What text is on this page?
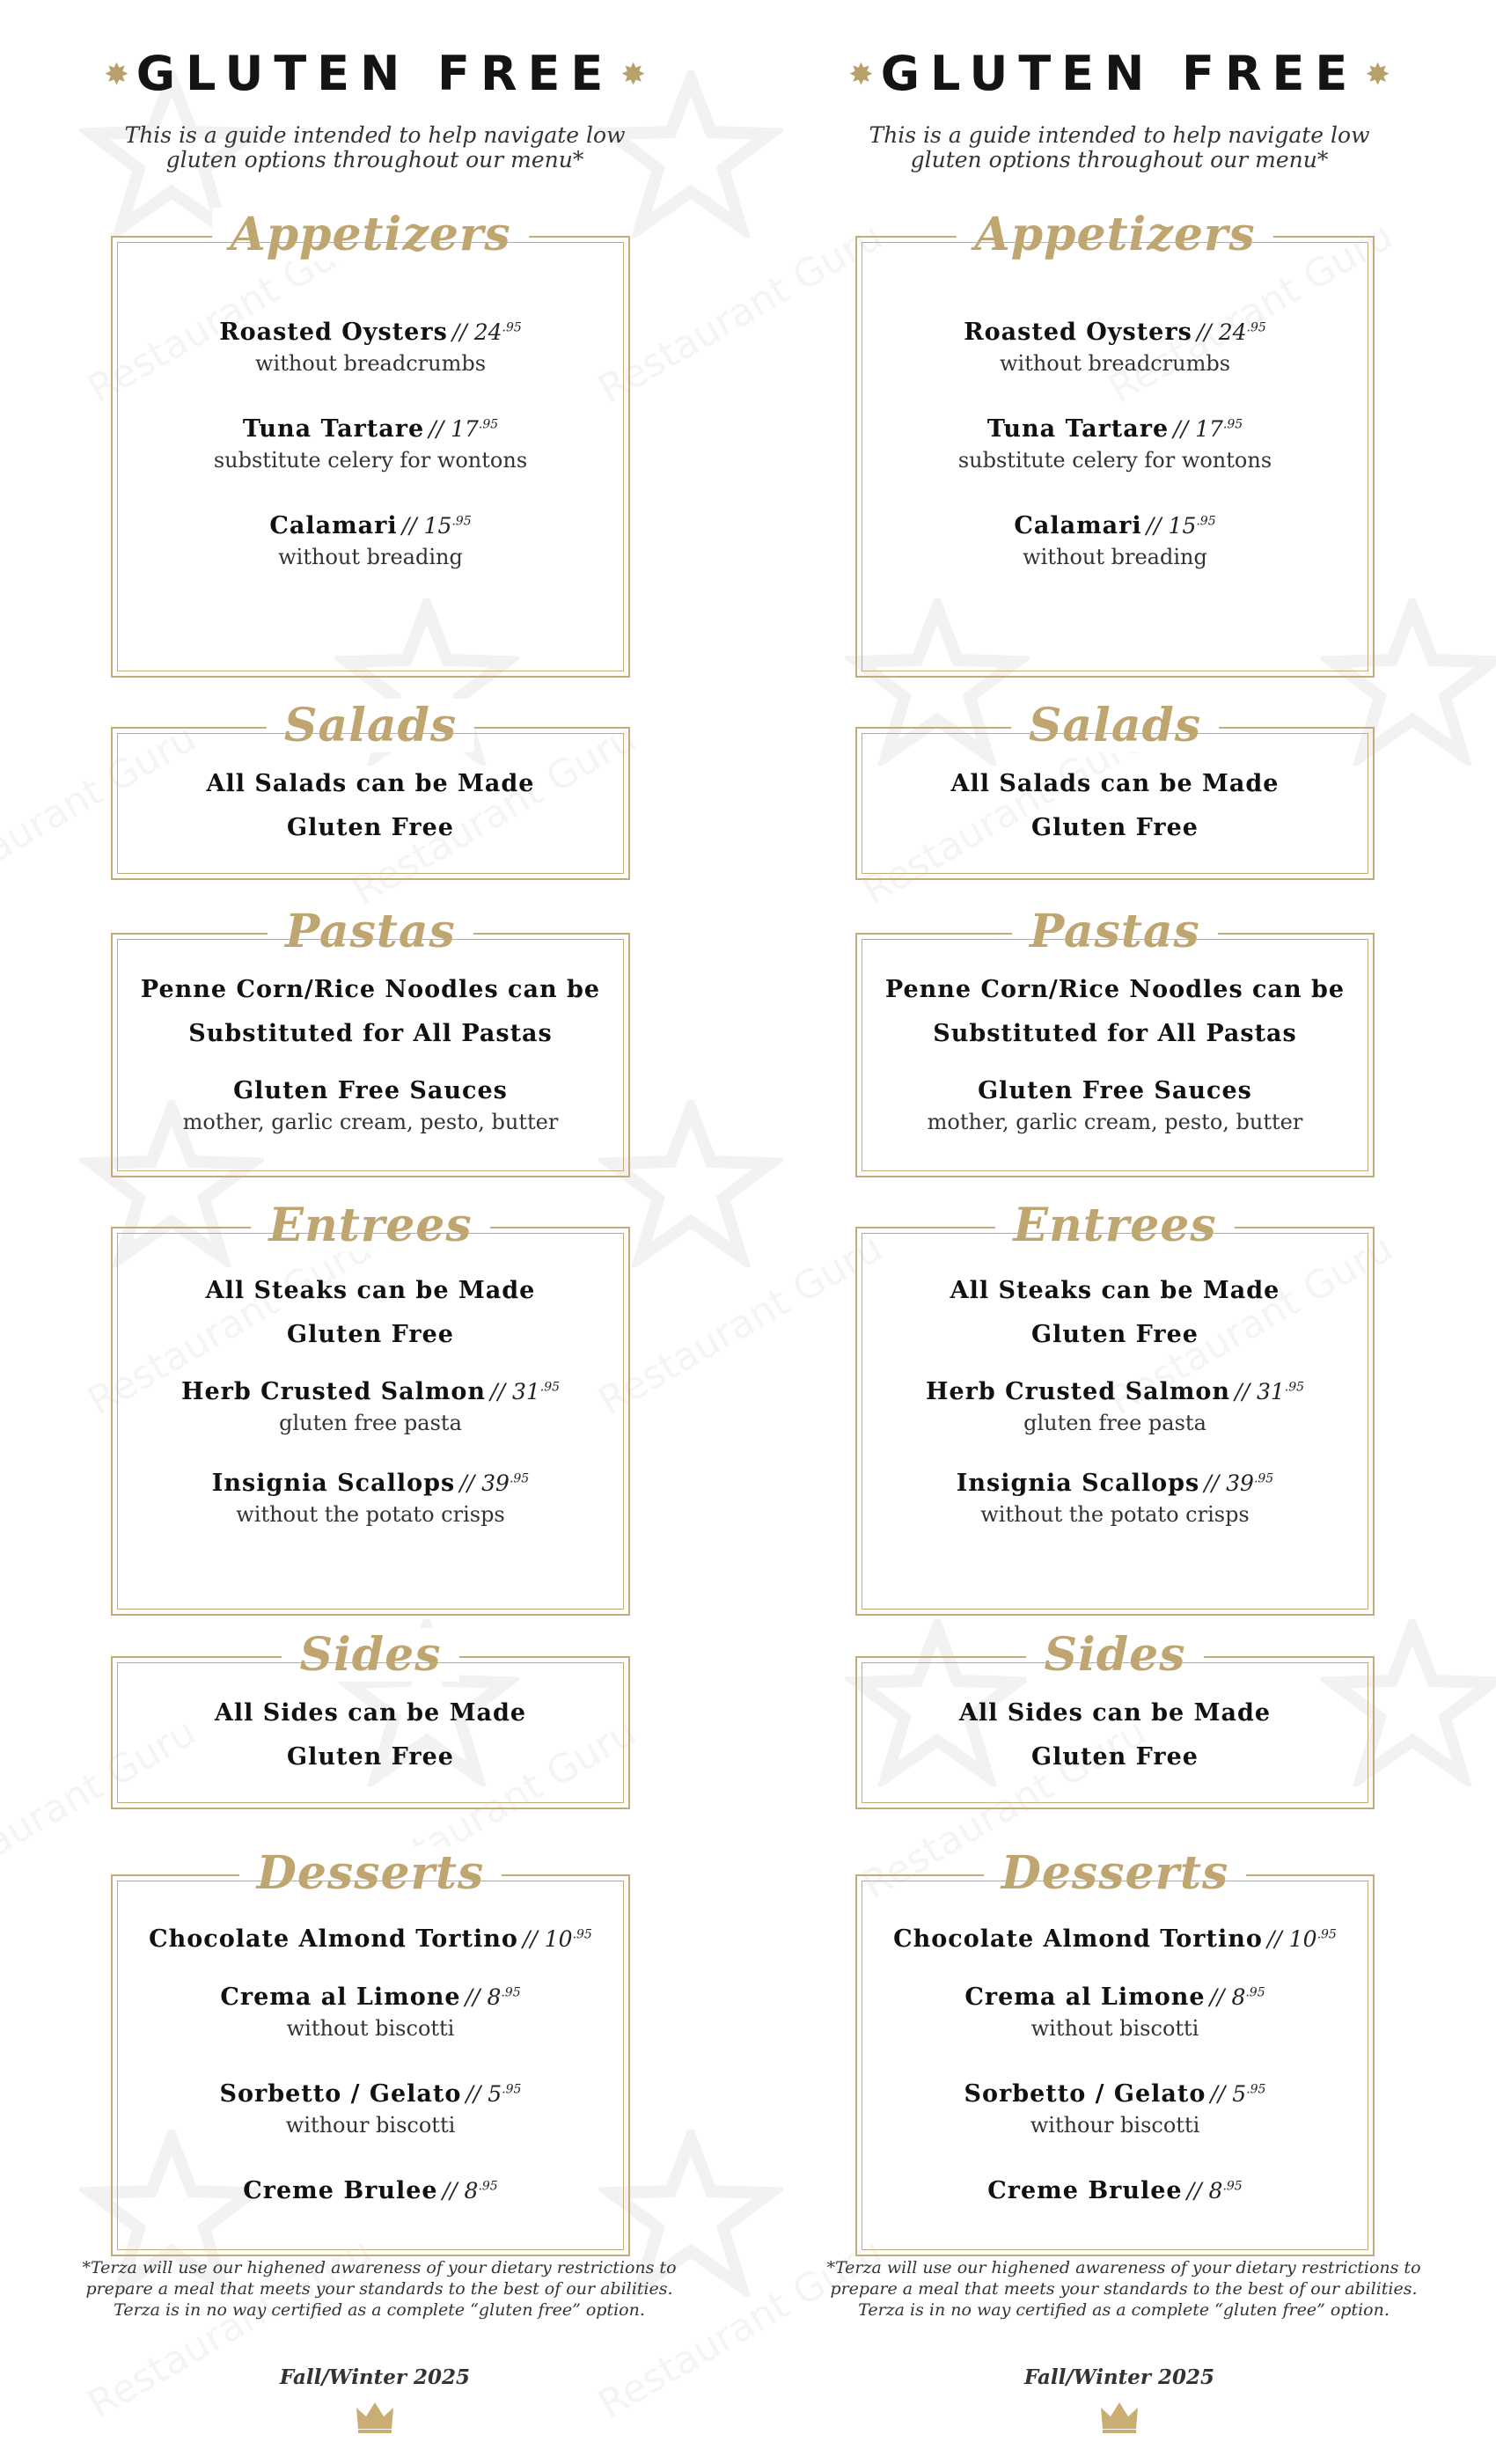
✸ GLUTEN FREE ✸
This is a guide intended to help navigate low gluten options throughout our menu*
Appetizers
Roasted Oysters // $24^{.95}$
without breadcrumbs
Tuna Tartare // $17^{.95}$
substitute celery for wontons
Calamari // $15^{.95}$
without breading
Salads
All Salads can be Made
Gluten Free
Pastas
Penne Corn/Rice Noodles can be
Substituted for All Pastas
Gluten Free Sauces
mother, garlic cream, pesto, butter
Entrees
All Steaks can be Made
Gluten Free
Herb Crusted Salmon // $31^{.95}$
gluten free pasta
Insignia Scallops // $39^{.95}$
without the potato crisps
Sides
All Sides can be Made
Gluten Free
Desserts
Chocolate Almond Tortino // $10^{.95}$
Crema al Limone // $8^{.95}$
without biscotti
Sorbetto / Gelato // $5^{.95}$
withour biscotti
Creme Brulee // $8^{.95}$
*Terza will use our highened awareness of your dietary restrictions to prepare a meal that meets your standards to the best of our abilities. Terza is in no way certified as a complete “gluten free” option.
Fall/Winter 2025
✸ GLUTEN FREE ✸
This is a guide intended to help navigate low gluten options throughout our menu*
Appetizers
Roasted Oysters // $24^{.95}$
without breadcrumbs
Tuna Tartare // $17^{.95}$
substitute celery for wontons
Calamari // $15^{.95}$
without breading
Salads
All Salads can be Made
Gluten Free
Pastas
Penne Corn/Rice Noodles can be
Substituted for All Pastas
Gluten Free Sauces
mother, garlic cream, pesto, butter
Entrees
All Steaks can be Made
Gluten Free
Herb Crusted Salmon // $31^{.95}$
gluten free pasta
Insignia Scallops // $39^{.95}$
without the potato crisps
Sides
All Sides can be Made
Gluten Free
Desserts
Chocolate Almond Tortino // $10^{.95}$
Crema al Limone // $8^{.95}$
without biscotti
Sorbetto / Gelato // $5^{.95}$
withour biscotti
Creme Brulee // $8^{.95}$
*Terza will use our highened awareness of your dietary restrictions to prepare a meal that meets your standards to the best of our abilities. Terza is in no way certified as a complete “gluten free” option.
Fall/Winter 2025
